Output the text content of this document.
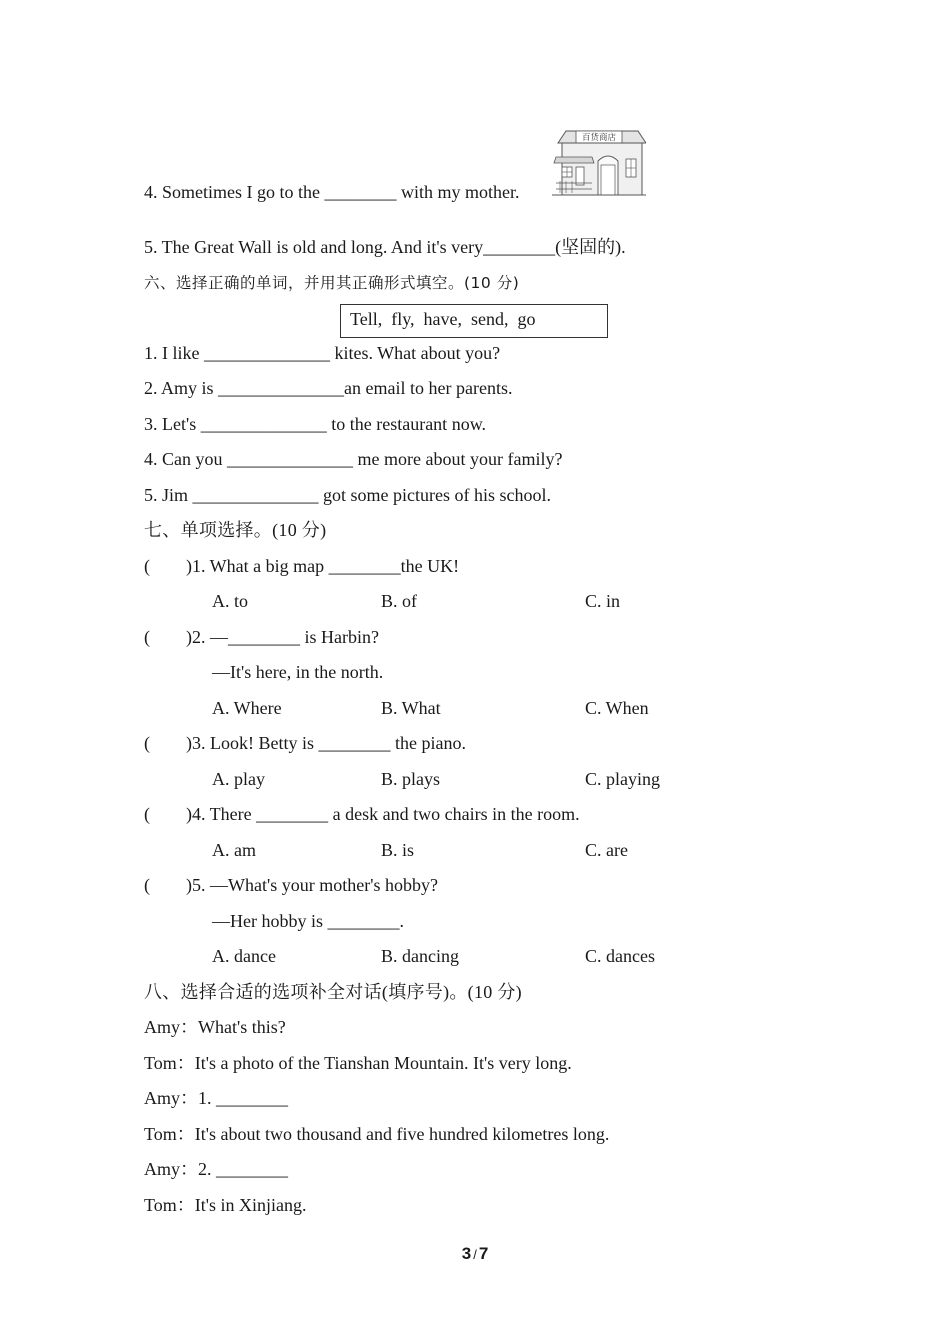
4. Sometimes I go to the ________ with my mother.
百货商店
5. The Great Wall is old and long. And it's very________(坚固的).
六、选择正确的单词，并用其正确形式填空。(10 分)
Tell,  fly,  have,  send,  go
1. I like ______________ kites. What about you?
2. Amy is ______________an email to her parents.
3. Let's ______________ to the restaurant now.
4. Can you ______________ me more about your family?
5. Jim ______________ got some pictures of his school.
七、单项选择。(10 分)
(        )1. What a big map ________the UK!
A. to	B. of	C. in
(        )2. —________ is Harbin?
—It's here, in the north.
A. Where	B. What	C. When
(        )3. Look! Betty is ________ the piano.
A. play	B. plays	C. playing
(        )4. There ________ a desk and two chairs in the room.
A. am	B. is	C. are
(        )5. —What's your mother's hobby?
—Her hobby is ________.
A. dance	B. dancing	C. dances
八、选择合适的选项补全对话(填序号)。(10 分)
Amy：What's this?
Tom：It's a photo of the Tianshan Mountain. It's very long.
Amy：1. ________
Tom：It's about two thousand and five hundred kilometres long.
Amy：2. ________
Tom：It's in Xinjiang.
3 / 7
